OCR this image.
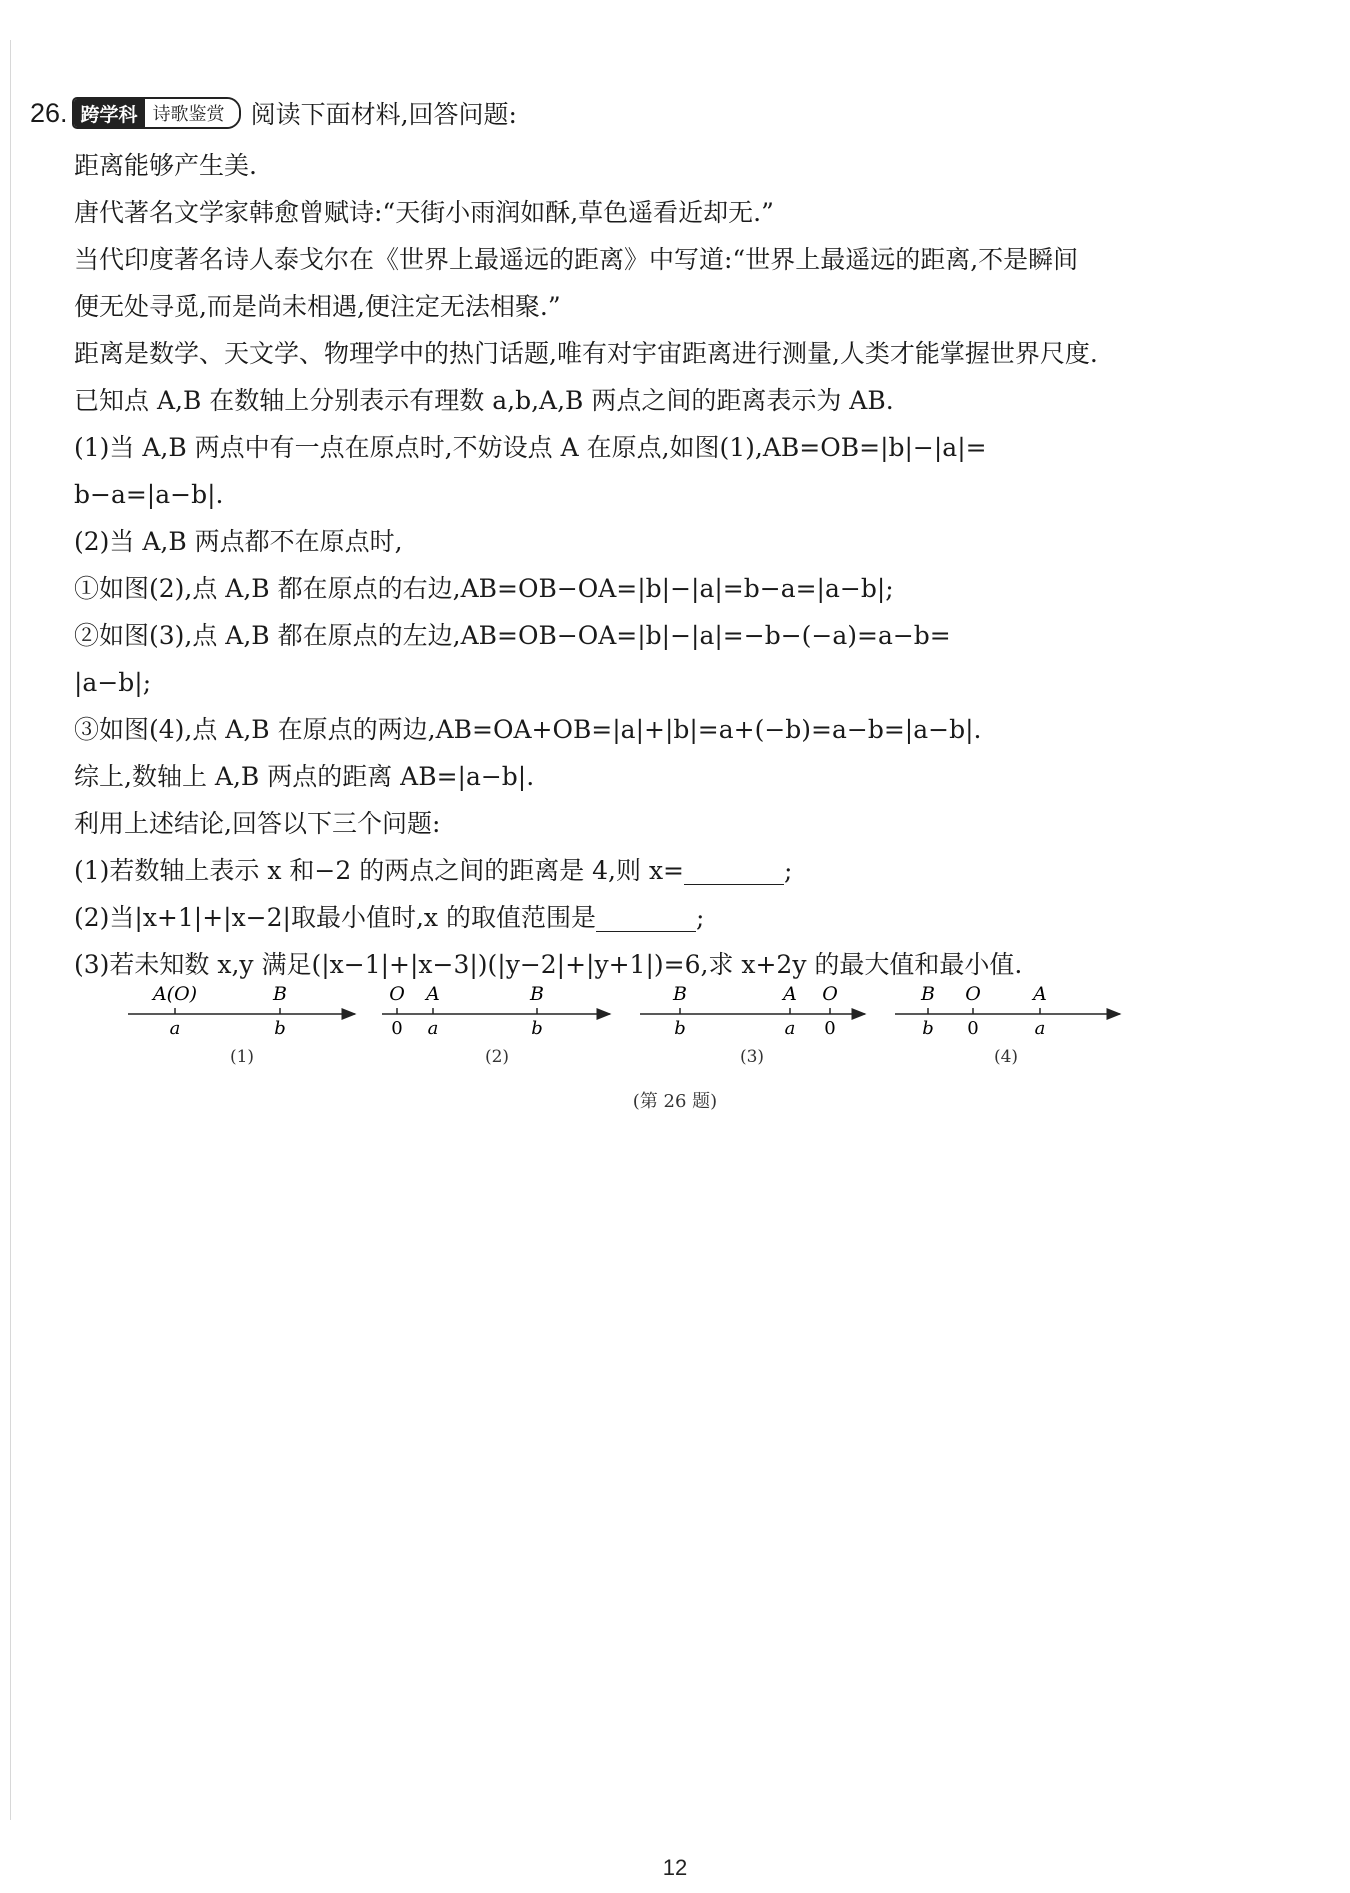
26. 跨学科 诗歌鉴赏	阅读下面材料,回答问题:
距离能够产生美.
唐代著名文学家韩愈曾赋诗:“天街小雨润如酥,草色遥看近却无.”
当代印度著名诗人泰戈尔在《世界上最遥远的距离》中写道:“世界上最遥远的距离,不是瞬间
便无处寻觅,而是尚未相遇,便注定无法相聚.”
距离是数学、天文学、物理学中的热门话题,唯有对宇宙距离进行测量,人类才能掌握世界尺度.
已知点 A,B 在数轴上分别表示有理数 a,b,A,B 两点之间的距离表示为 AB.
(1)当 A,B 两点中有一点在原点时,不妨设点 A 在原点,如图(1),AB=OB=|b|−|a|=
b−a=|a−b|.
(2)当 A,B 两点都不在原点时,
①如图(2),点 A,B 都在原点的右边,AB=OB−OA=|b|−|a|=b−a=|a−b|;
②如图(3),点 A,B 都在原点的左边,AB=OB−OA=|b|−|a|=−b−(−a)=a−b=
|a−b|;
③如图(4),点 A,B 在原点的两边,AB=OA+OB=|a|+|b|=a+(−b)=a−b=|a−b|.
综上,数轴上 A,B 两点的距离 AB=|a−b|.
利用上述结论,回答以下三个问题:
(1)若数轴上表示 x 和−2 的两点之间的距离是 4,则 x=________;
(2)当|x+1|+|x−2|取最小值时,x 的取值范围是________;
(3)若未知数 x,y 满足(|x−1|+|x−3|)(|y−2|+|y+1|)=6,求 x+2y 的最大值和最小值.
A(O)	B
a	b
(1)
O A	B
0 a	b
(2)
B	A O
b	a 0
(3)
B O	A
b 0	a
(4)
(第 26 题)
12
